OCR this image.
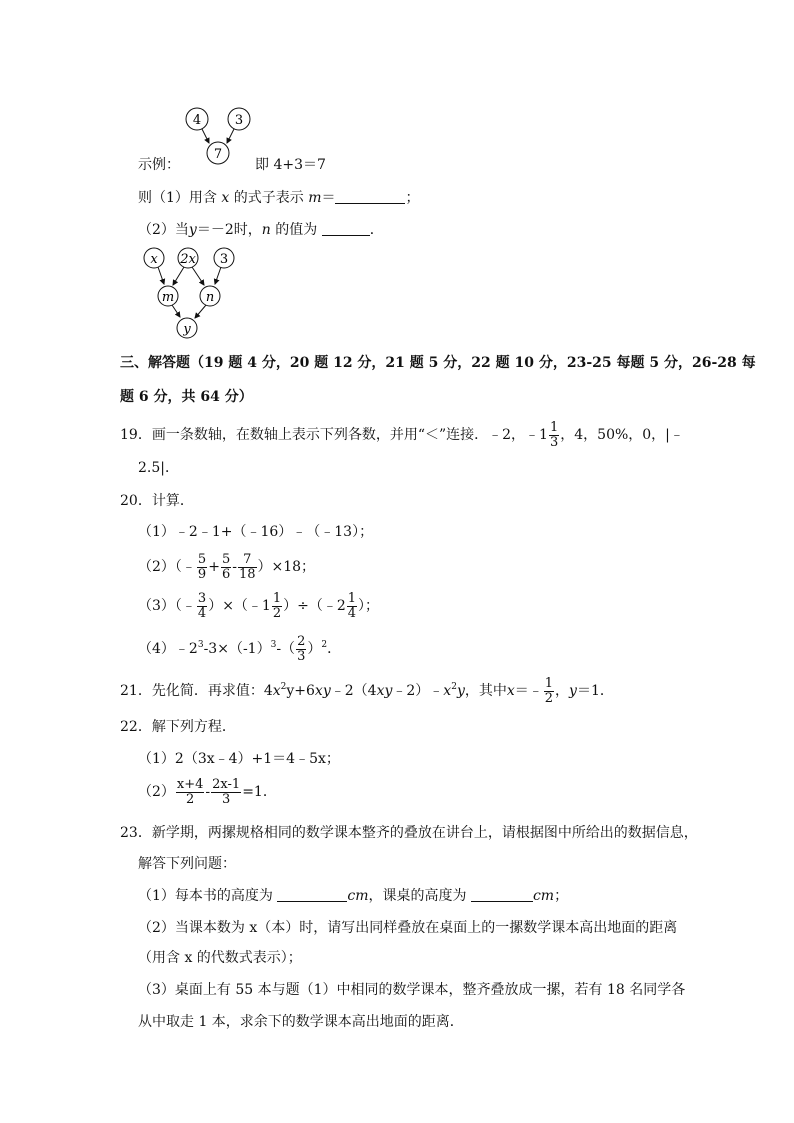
4	3
7
示例：	即 4+3＝7
则（1）用含 x 的式子表示 m＝	；
（2）当y＝－2时，n 的值为	．
x 2x 3
m n
y
三、解答题（19 题 4 分，20 题 12 分，21 题 5 分，22 题 10 分，23-25 每题 5 分，26-28 每
题 6 分，共 64 分）
19．画一条数轴，在数轴上表示下列各数，并用“＜”连接．﹣2，﹣1 $\frac{1}{3}$ ，4，50%，0，|﹣
2.5|．
20．计算．
（1）﹣2﹣1+（﹣16）﹣（﹣13）；
（2）（﹣ $\frac{5}{9} + \frac{5}{6} - \frac{7}{18} )\times 18$；
（3）（﹣ $\frac{3}{4}$ ）×（﹣1 $\frac{1}{2}$ ）÷（﹣2 $\frac{1}{4}$ ）；
$(4)﹣2^3-3\times(-1)^3-( \frac{2}{3} )^2$．
21．先化简．再求值：$4x^2y+6xy﹣2(4xy﹣2)﹣x^2y$，其中x＝﹣ $\frac{1}{2}$ ，y＝1．
22．解下列方程．
（1）2（3x﹣4）+1＝4﹣5x；
$(2) \frac{x+4}{2} - \frac{2x-1}{3} =1$．
23．新学期，两摞规格相同的数学课本整齐的叠放在讲台上，请根据图中所给出的数据信息，
解答下列问题：
（1）每本书的高度为	cm，课桌的高度为	cm；
（2）当课本数为 x（本）时，请写出同样叠放在桌面上的一摞数学课本高出地面的距离
（用含 x 的代数式表示）；
（3）桌面上有 55 本与题（1）中相同的数学课本，整齐叠放成一摞，若有 18 名同学各
从中取走 1 本，求余下的数学课本高出地面的距离．
